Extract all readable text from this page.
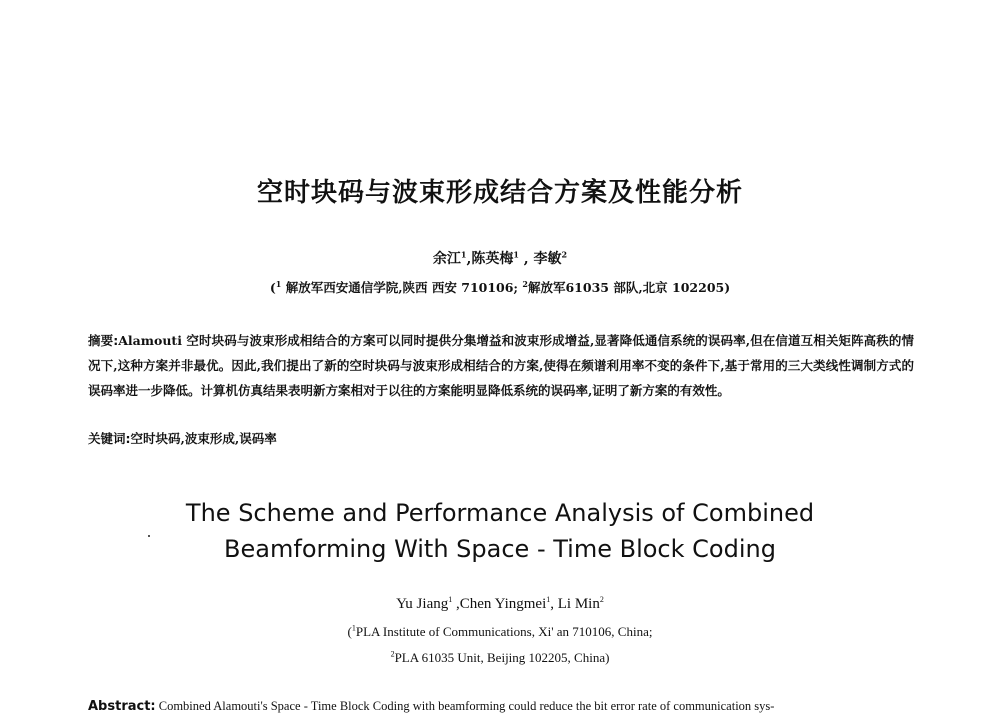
空时块码与波束形成结合方案及性能分析
余江$^1$,陈英梅$^1$ , 李敏$^2$
($^1$ 解放军西安通信学院,陕西 西安 710106; $^2$解放军61035 部队,北京 102205)
摘要:Alamouti 空时块码与波束形成相结合的方案可以同时提供分集增益和波束形成增益,显著降低通信系统的误码率,但在信道互相关矩阵高秩的情况下,这种方案并非最优。因此,我们提出了新的空时块码与波束形成相结合的方案,使得在频谱利用率不变的条件下,基于常用的三大类线性调制方式的误码率进一步降低。计算机仿真结果表明新方案相对于以往的方案能明显降低系统的误码率,证明了新方案的有效性。
关键词:空时块码,波束形成,误码率
The Scheme and Performance Analysis of Combined
Beamforming With Space - Time Block Coding
Yu Jiang$^1$ ,Chen Yingmei$^1$, Li Min$^2$
($^1$PLA Institute of Communications, Xi' an 710106, China;
$^2$PLA 61035 Unit, Beijing 102205, China)
Abstract: Combined Alamouti's Space - Time Block Coding with beamforming could reduce the bit error rate of communication sys-
